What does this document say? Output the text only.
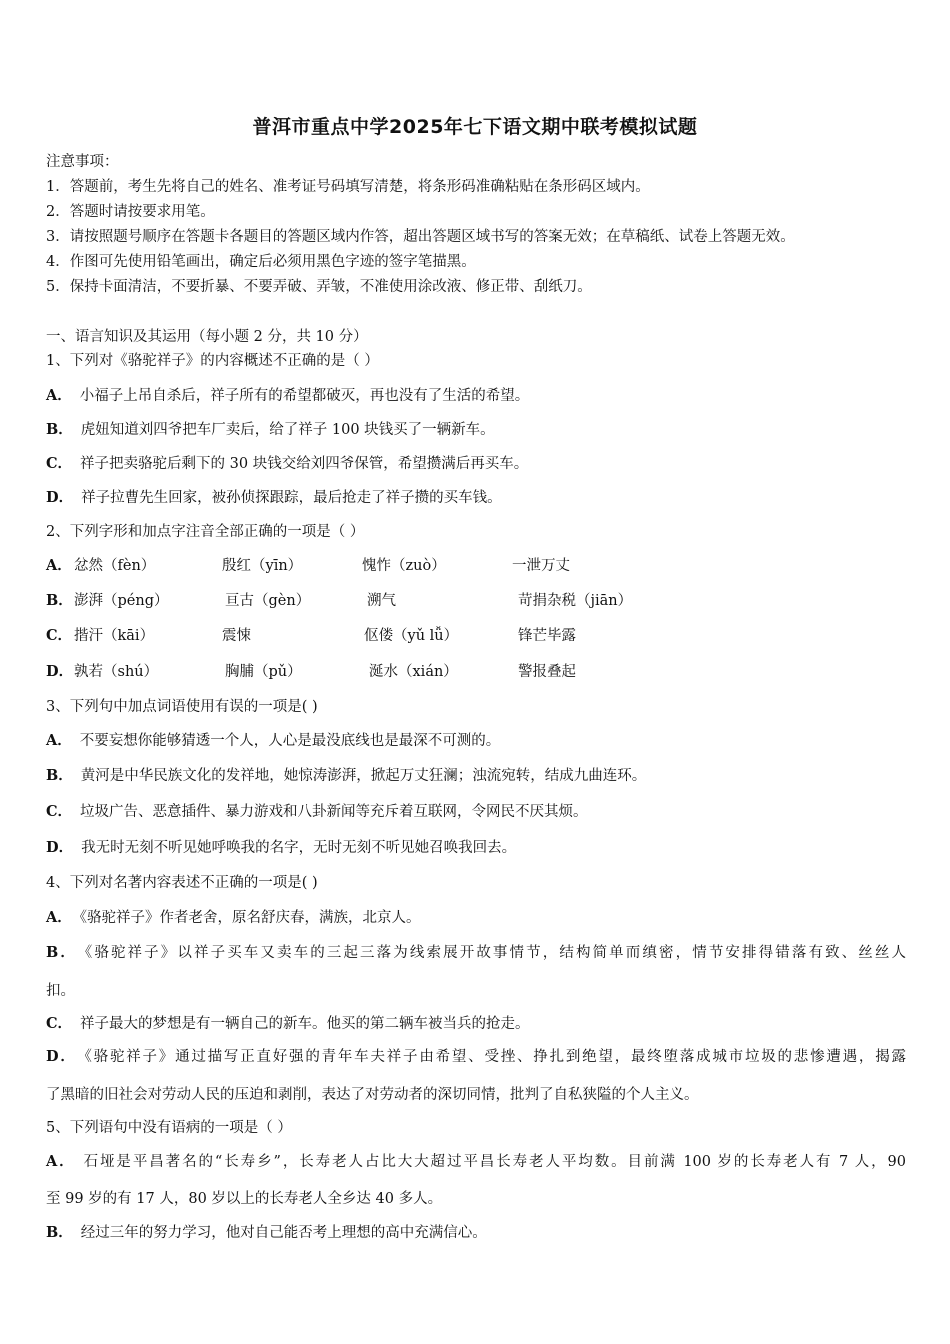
普洱市重点中学2025年七下语文期中联考模拟试题
注意事项：
1．答题前，考生先将自己的姓名、准考证号码填写清楚，将条形码准确粘贴在条形码区域内。
2．答题时请按要求用笔。
3．请按照题号顺序在答题卡各题目的答题区域内作答，超出答题区域书写的答案无效；在草稿纸、试卷上答题无效。
4．作图可先使用铅笔画出，确定后必须用黑色字迹的签字笔描黑。
5．保持卡面清洁，不要折暴、不要弄破、弄皱，不准使用涂改液、修正带、刮纸刀。
一、语言知识及其运用（每小题 2 分，共 10 分）
1、下列对《骆驼祥子》的内容概述不正确的是（ ）
A． 小福子上吊自杀后，祥子所有的希望都破灭，再也没有了生活的希望。
B． 虎妞知道刘四爷把车厂卖后，给了祥子 100 块钱买了一辆新车。
C． 祥子把卖骆驼后剩下的 30 块钱交给刘四爷保管，希望攒满后再买车。
D． 祥子拉曹先生回家，被孙侦探跟踪，最后抢走了祥子攒的买车钱。
2、下列字形和加点字注音全部正确的一项是（ ）
A． 忿然（fèn）	殷红（yīn）	愧怍（zuò）	一泄万丈
B． 澎湃（péng）	亘古（gèn）	溯气	苛捐杂税（jiān）
C． 揩汗（kāi）	震悚	伛偻（yǔ lǚ）	锋芒毕露
D． 孰若（shú）	胸脯（pǔ）	涎水（xián）	警报叠起
3、下列句中加点词语使用有误的一项是( )
A． 不要妄想你能够猜透一个人，人心是最没底线也是最深不可测的。
B． 黄河是中华民族文化的发祥地，她惊涛澎湃，掀起万丈狂澜；浊流宛转，结成九曲连环。
C． 垃圾广告、恶意插件、暴力游戏和八卦新闻等充斥着互联网，令网民不厌其烦。
D． 我无时无刻不听见她呼唤我的名字，无时无刻不听见她召唤我回去。
4、下列对名著内容表述不正确的一项是( )
A． 《骆驼祥子》作者老舍，原名舒庆春，满族，北京人。
B． 《骆驼祥子》以祥子买车又卖车的三起三落为线索展开故事情节，结构简单而缜密，情节安排得错落有致、丝丝人
扣。
C． 祥子最大的梦想是有一辆自己的新车。他买的第二辆车被当兵的抢走。
D． 《骆驼祥子》通过描写正直好强的青年车夫祥子由希望、受挫、挣扎到绝望，最终堕落成城市垃圾的悲惨遭遇，揭露
了黑暗的旧社会对劳动人民的压迫和剥削，表达了对劳动者的深切同情，批判了自私狭隘的个人主义。
5、下列语句中没有语病的一项是（ ）
A． 石垭是平昌著名的“长寿乡”，长寿老人占比大大超过平昌长寿老人平均数。目前满 100 岁的长寿老人有 7 人，90
至 99 岁的有 17 人，80 岁以上的长寿老人全乡达 40 多人。
B． 经过三年的努力学习，他对自己能否考上理想的高中充满信心。
